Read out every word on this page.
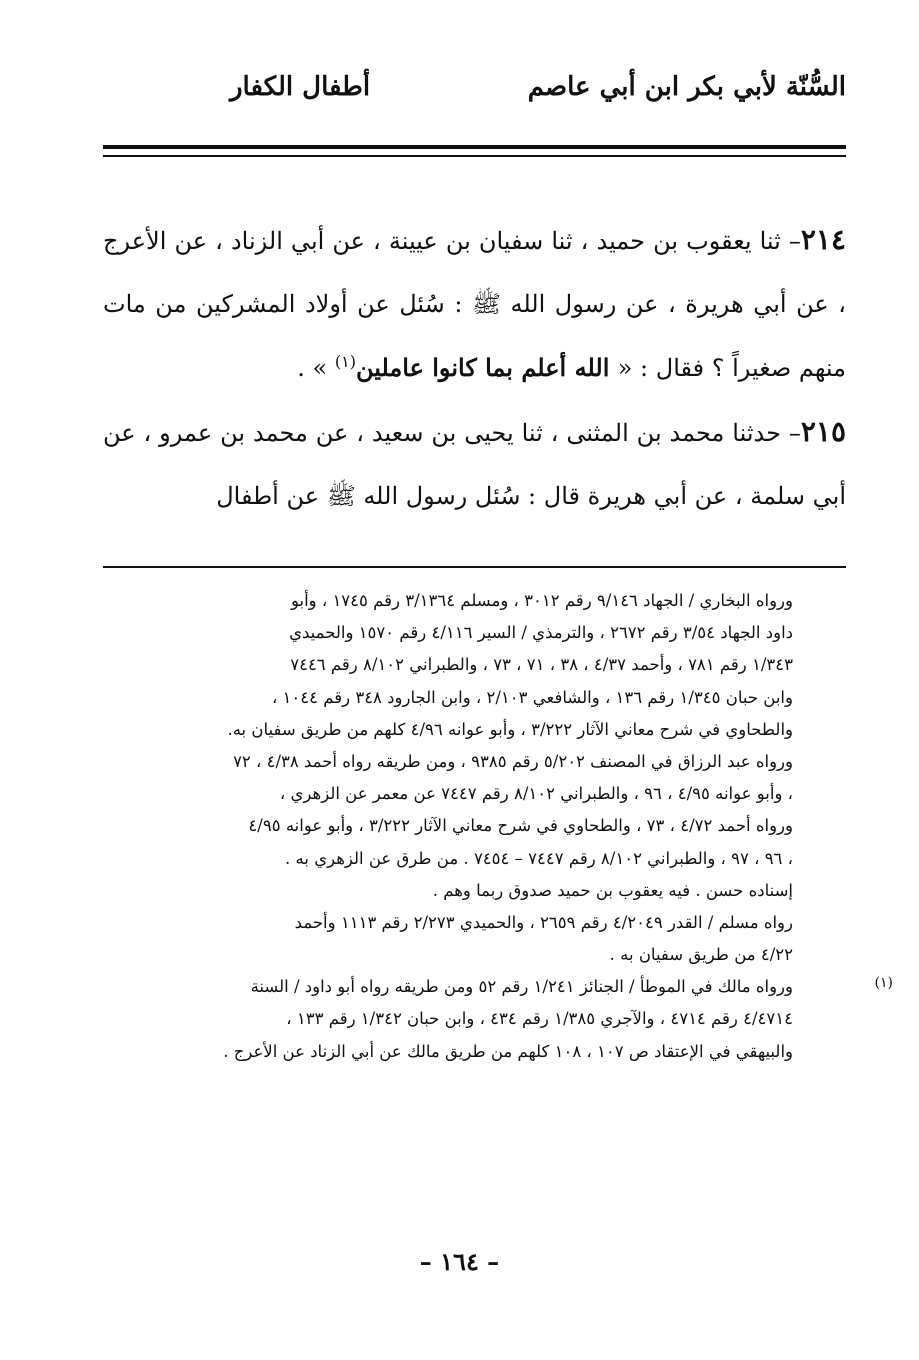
السُّنّة لأبي بكر ابن أبي عاصم
أطفال الكفار

٢١٤– ثنا يعقوب بن حميد ، ثنا سفيان بن عيينة ، عن أبي الزناد ، عن الأعرج ، عن أبي هريرة ، عن رسول الله ﷺ : سُئل عن أولاد المشركين من مات منهم صغيراً ؟ فقال : « الله أعلم بما كانوا عاملين$^{(١)}$ » .

٢١٥– حدثنا محمد بن المثنى ، ثنا يحيى بن سعيد ، عن محمد بن عمرو ، عن أبي سلمة ، عن أبي هريرة قال : سُئل رسول الله ﷺ عن أطفال

ورواه البخاري / الجهاد ٩/١٤٦ رقم ٣٠١٢ ، ومسلم ٣/١٣٦٤ رقم ١٧٤٥ ، وأبو
داود الجهاد ٣/٥٤ رقم ٢٦٧٢ ، والترمذي / السير ٤/١١٦ رقم ١٥٧٠ والحميدي
١/٣٤٣ رقم ٧٨١ ، وأحمد ٤/٣٧ ، ٣٨ ، ٧١ ، ٧٣ ، والطبراني ٨/١٠٢ رقم ٧٤٤٦
وابن حبان ١/٣٤٥ رقم ١٣٦ ، والشافعي ٢/١٠٣ ، وابن الجارود ٣٤٨ رقم ١٠٤٤ ،
والطحاوي في شرح معاني الآثار ٣/٢٢٢ ، وأبو عوانه ٤/٩٦ كلهم من طريق سفيان به.
ورواه عبد الرزاق في المصنف ٥/٢٠٢ رقم ٩٣٨٥ ، ومن طريقه رواه أحمد ٤/٣٨ ، ٧٢
، وأبو عوانه ٤/٩٥ ، ٩٦ ، والطبراني ٨/١٠٢ رقم ٧٤٤٧ عن معمر عن الزهري ،
ورواه أحمد ٤/٧٢ ، ٧٣ ، والطحاوي في شرح معاني الآثار ٣/٢٢٢ ، وأبو عوانه ٤/٩٥
، ٩٦ ، ٩٧ ، والطبراني ٨/١٠٢ رقم ٧٤٤٧ – ٧٤٥٤ . من طرق عن الزهري به .
إسناده حسن . فيه يعقوب بن حميد صدوق ربما وهم .
رواه مسلم / القدر ٤/٢٠٤٩ رقم ٢٦٥٩ ، والحميدي ٢/٢٧٣ رقم ١١١٣ وأحمد
٤/٢٢ من طريق سفيان به .
ورواه مالك في الموطأ / الجنائز ١/٢٤١ رقم ٥٢ ومن طريقه رواه أبو داود / السنة
٤/٤٧١٤ رقم ٤٧١٤ ، والآجري ١/٣٨٥ رقم ٤٣٤ ، وابن حبان ١/٣٤٢ رقم ١٣٣ ،
والبيهقي في الإعتقاد ص ١٠٧ ، ١٠٨ كلهم من طريق مالك عن أبي الزناد عن الأعرج .
(١)
– ١٦٤ –
